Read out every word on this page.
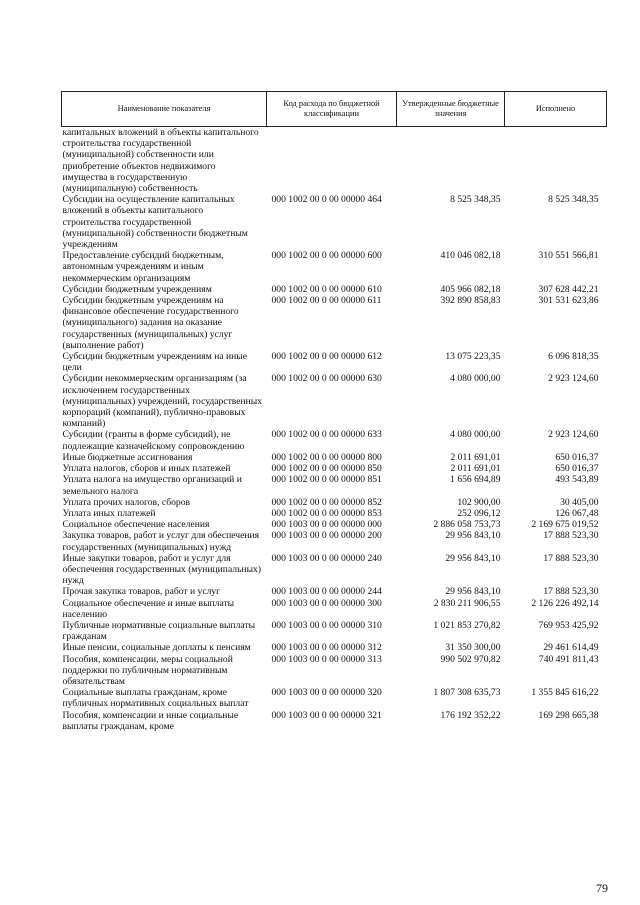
Наименование показателя	Код расхода по бюджетной классификации	Утвержденные бюджетные значения	Исполнено
капитальных вложений в объекты капитального строительства государственной (муниципальной) собственности или приобретение объектов недвижимого имущества в государственную (муниципальную) собственность			
Субсидии на осуществление капитальных вложений в объекты капитального строительства государственной (муниципальной) собственности бюджетным учреждениям	000 1002 00 0 00 00000 464	8 525 348,35	8 525 348,35
Предоставление субсидий бюджетным, автономным учреждениям и иным некоммерческим организациям	000 1002 00 0 00 00000 600	410 046 082,18	310 551 566,81
Субсидии бюджетным учреждениям	000 1002 00 0 00 00000 610	405 966 082,18	307 628 442,21
Субсидии бюджетным учреждениям на финансовое обеспечение государственного (муниципального) задания на оказание государственных (муниципальных) услуг (выполнение работ)	000 1002 00 0 00 00000 611	392 890 858,83	301 531 623,86
Субсидии бюджетным учреждениям на иные цели	000 1002 00 0 00 00000 612	13 075 223,35	6 096 818,35
Субсидии некоммерческим организациям (за исключением государственных (муниципальных) учреждений, государственных корпораций (компаний), публично-правовых компаний)	000 1002 00 0 00 00000 630	4 080 000,00	2 923 124,60
Субсидии (гранты в форме субсидий), не подлежащие казначейскому сопровождению	000 1002 00 0 00 00000 633	4 080 000,00	2 923 124,60
Иные бюджетные ассигнования	000 1002 00 0 00 00000 800	2 011 691,01	650 016,37
Уплата налогов, сборов и иных платежей	000 1002 00 0 00 00000 850	2 011 691,01	650 016,37
Уплата налога на имущество организаций и земельного налога	000 1002 00 0 00 00000 851	1 656 694,89	493 543,89
Уплата прочих налогов, сборов	000 1002 00 0 00 00000 852	102 900,00	30 405,00
Уплата иных платежей	000 1002 00 0 00 00000 853	252 096,12	126 067,48
Социальное обеспечение населения	000 1003 00 0 00 00000 000	2 886 058 753,73	2 169 675 019,52
Закупка товаров, работ и услуг для обеспечения государственных (муниципальных) нужд	000 1003 00 0 00 00000 200	29 956 843,10	17 888 523,30
Иные закупки товаров, работ и услуг для обеспечения государственных (муниципальных) нужд	000 1003 00 0 00 00000 240	29 956 843,10	17 888 523,30
Прочая закупка товаров, работ и услуг	000 1003 00 0 00 00000 244	29 956 843,10	17 888 523,30
Социальное обеспечение и иные выплаты населению	000 1003 00 0 00 00000 300	2 830 211 906,55	2 126 226 492,14
Публичные нормативные социальные выплаты гражданам	000 1003 00 0 00 00000 310	1 021 853 270,82	769 953 425,92
Иные пенсии, социальные доплаты к пенсиям	000 1003 00 0 00 00000 312	31 350 300,00	29 461 614,49
Пособия, компенсации, меры социальной поддержки по публичным нормативным обязательствам	000 1003 00 0 00 00000 313	990 502 970,82	740 491 811,43
Социальные выплаты гражданам, кроме публичных нормативных социальных выплат	000 1003 00 0 00 00000 320	1 807 308 635,73	1 355 845 616,22
Пособия, компенсации и иные социальные выплаты гражданам, кроме	000 1003 00 0 00 00000 321	176 192 352,22	169 298 665,38
79
